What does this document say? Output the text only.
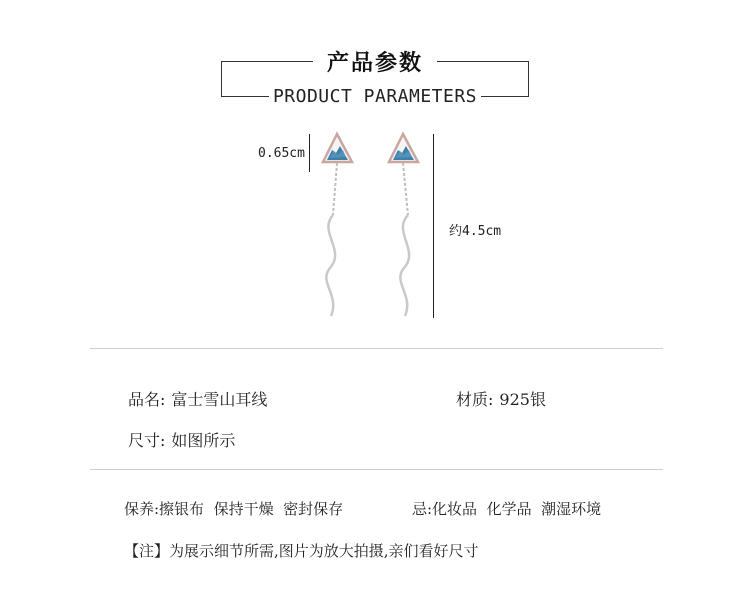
产品参数
PRODUCT PARAMETERS
0.65cm
约4.5cm
品名: 富士雪山耳线	材质: 925银
尺寸: 如图所示
保养:擦银布  保持干燥  密封保存	忌:化妆品  化学品  潮湿环境
【注】为展示细节所需,图片为放大拍摄,亲们看好尺寸
